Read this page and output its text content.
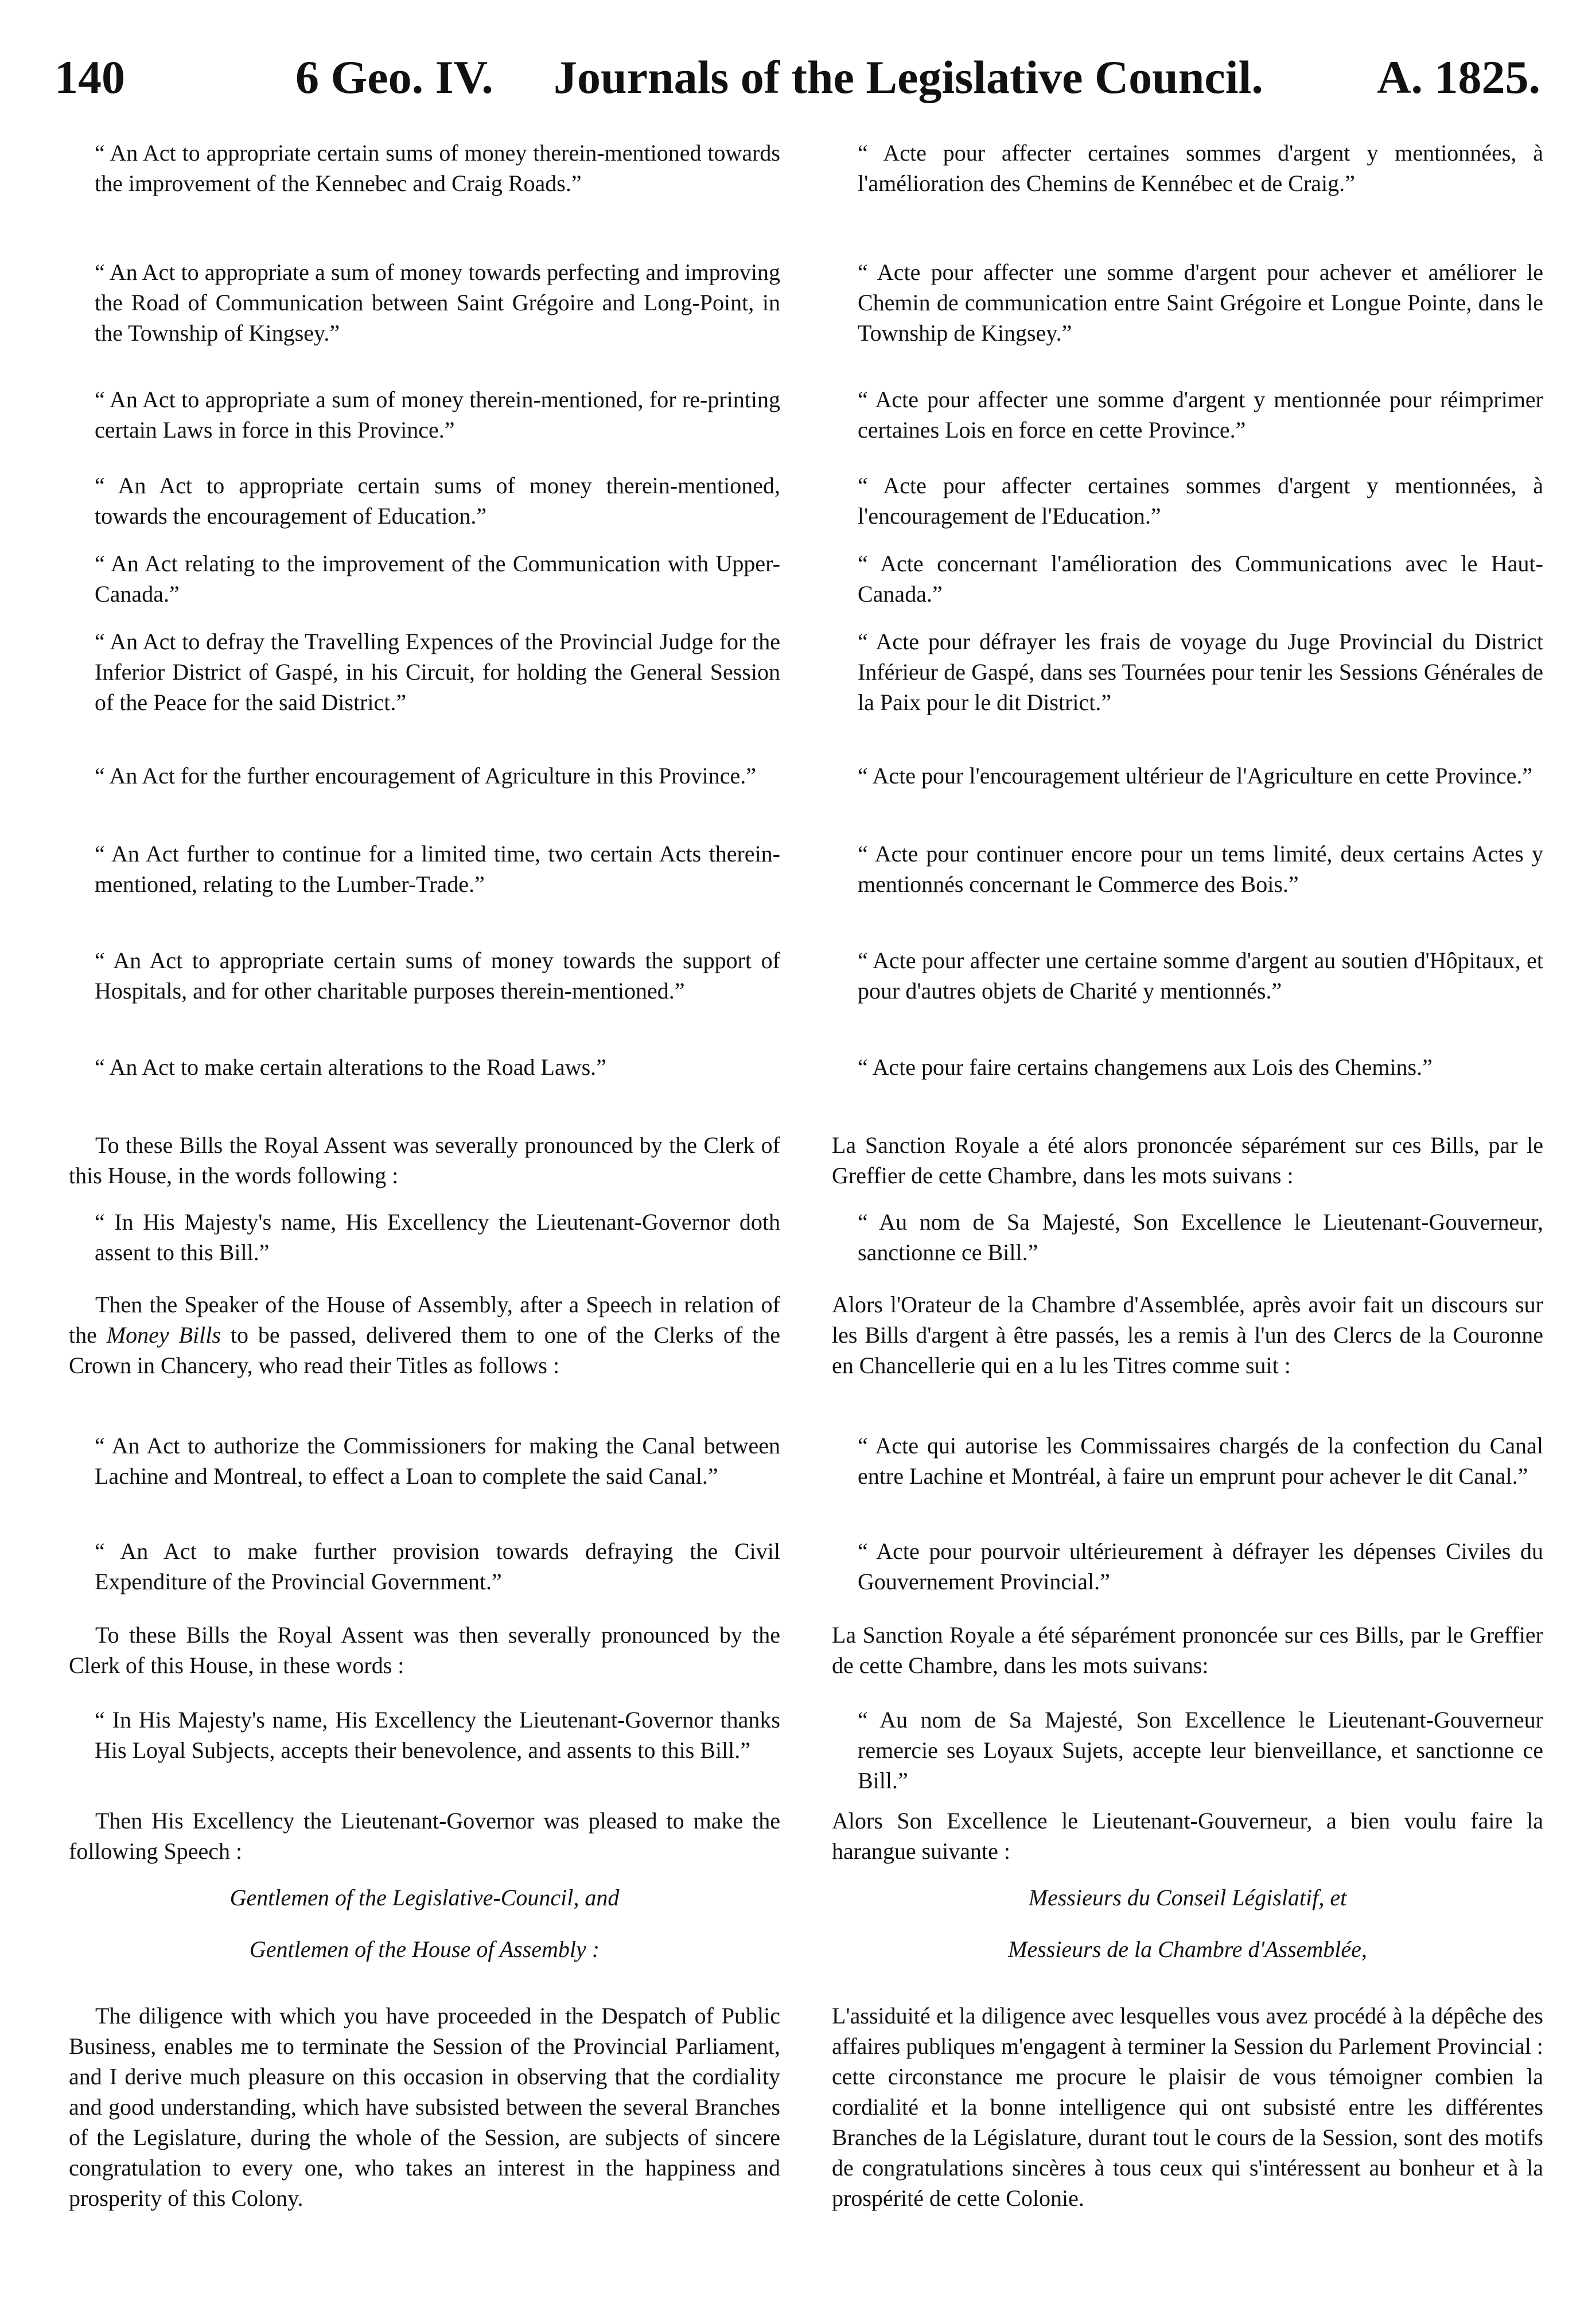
140	6 Geo. IV. Journals of the Legislative Council. A. 1825.

“ An Act to appropriate certain sums of money therein-mentioned towards the improvement of the Kennebec and Craig Roads.”

“ An Act to appropriate a sum of money towards perfecting and improving the Road of Communication between Saint Grégoire and Long-Point, in the Township of Kingsey.”

“ An Act to appropriate a sum of money therein-mentioned, for re-printing certain Laws in force in this Province.”

“ An Act to appropriate certain sums of money therein-mentioned, towards the encouragement of Education.”

“ An Act relating to the improvement of the Communication with Upper-Canada.”

“ An Act to defray the Travelling Expences of the Provincial Judge for the Inferior District of Gaspé, in his Circuit, for holding the General Session of the Peace for the said District.”

“ An Act for the further encouragement of Agriculture in this Province.”

“ An Act further to continue for a limited time, two certain Acts therein-mentioned, relating to the Lumber-Trade.”

“ An Act to appropriate certain sums of money towards the support of Hospitals, and for other charitable purposes therein-mentioned.”

“ An Act to make certain alterations to the Road Laws.”

To these Bills the Royal Assent was severally pronounced by the Clerk of this House, in the words following :

“ In His Majesty's name, His Excellency the Lieutenant-Governor doth assent to this Bill.”

Then the Speaker of the House of Assembly, after a Speech in relation of the Money Bills to be passed, delivered them to one of the Clerks of the Crown in Chancery, who read their Titles as follows :

“ An Act to authorize the Commissioners for making the Canal between Lachine and Montreal, to effect a Loan to complete the said Canal.”

“ An Act to make further provision towards defraying the Civil Expenditure of the Provincial Government.”

To these Bills the Royal Assent was then severally pronounced by the Clerk of this House, in these words :

“ In His Majesty's name, His Excellency the Lieutenant-Governor thanks His Loyal Subjects, accepts their benevolence, and assents to this Bill.”

Then His Excellency the Lieutenant-Governor was pleased to make the following Speech :

Gentlemen of the Legislative-Council, and

Gentlemen of the House of Assembly :

The diligence with which you have proceeded in the Despatch of Public Business, enables me to terminate the Session of the Provincial Parliament, and I derive much pleasure on this occasion in observing that the cordiality and good understanding, which have subsisted between the several Branches of the Legislature, during the whole of the Session, are subjects of sincere congratulation to every one, who takes an interest in the happiness and prosperity of this Colony.

“ Acte pour affecter certaines sommes d'argent y mentionnées, à l'amélioration des Chemins de Kennébec et de Craig.”

“ Acte pour affecter une somme d'argent pour achever et améliorer le Chemin de communication entre Saint Grégoire et Longue Pointe, dans le Township de Kingsey.”

“ Acte pour affecter une somme d'argent y mentionnée pour réimprimer certaines Lois en force en cette Province.”

“ Acte pour affecter certaines sommes d'argent y mentionnées, à l'encouragement de l'Education.”

“ Acte concernant l'amélioration des Communications avec le Haut-Canada.”

“ Acte pour défrayer les frais de voyage du Juge Provincial du District Inférieur de Gaspé, dans ses Tournées pour tenir les Sessions Générales de la Paix pour le dit District.”

“ Acte pour l'encouragement ultérieur de l'Agriculture en cette Province.”

“ Acte pour continuer encore pour un tems limité, deux certains Actes y mentionnés concernant le Commerce des Bois.”

“ Acte pour affecter une certaine somme d'argent au soutien d'Hôpitaux, et pour d'autres objets de Charité y mentionnés.”

“ Acte pour faire certains changemens aux Lois des Chemins.”

La Sanction Royale a été alors prononcée séparément sur ces Bills, par le Greffier de cette Chambre, dans les mots suivans :

“ Au nom de Sa Majesté, Son Excellence le Lieutenant-Gouverneur, sanctionne ce Bill.”

Alors l'Orateur de la Chambre d'Assemblée, après avoir fait un discours sur les Bills d'argent à être passés, les a remis à l'un des Clercs de la Couronne en Chancellerie qui en a lu les Titres comme suit :

“ Acte qui autorise les Commissaires chargés de la confection du Canal entre Lachine et Montréal, à faire un emprunt pour achever le dit Canal.”

“ Acte pour pourvoir ultérieurement à défrayer les dépenses Civiles du Gouvernement Provincial.”

La Sanction Royale a été séparément prononcée sur ces Bills, par le Greffier de cette Chambre, dans les mots suivans:

“ Au nom de Sa Majesté, Son Excellence le Lieutenant-Gouverneur remercie ses Loyaux Sujets, accepte leur bienveillance, et sanctionne ce Bill.”

Alors Son Excellence le Lieutenant-Gouverneur, a bien voulu faire la harangue suivante :

Messieurs du Conseil Législatif, et

Messieurs de la Chambre d'Assemblée,

L'assiduité et la diligence avec lesquelles vous avez procédé à la dépêche des affaires publiques m'engagent à terminer la Session du Parlement Provincial : cette circonstance me procure le plaisir de vous témoigner combien la cordialité et la bonne intelligence qui ont subsisté entre les différentes Branches de la Législature, durant tout le cours de la Session, sont des motifs de congratulations sincères à tous ceux qui s'intéressent au bonheur et à la prospérité de cette Colonie.
